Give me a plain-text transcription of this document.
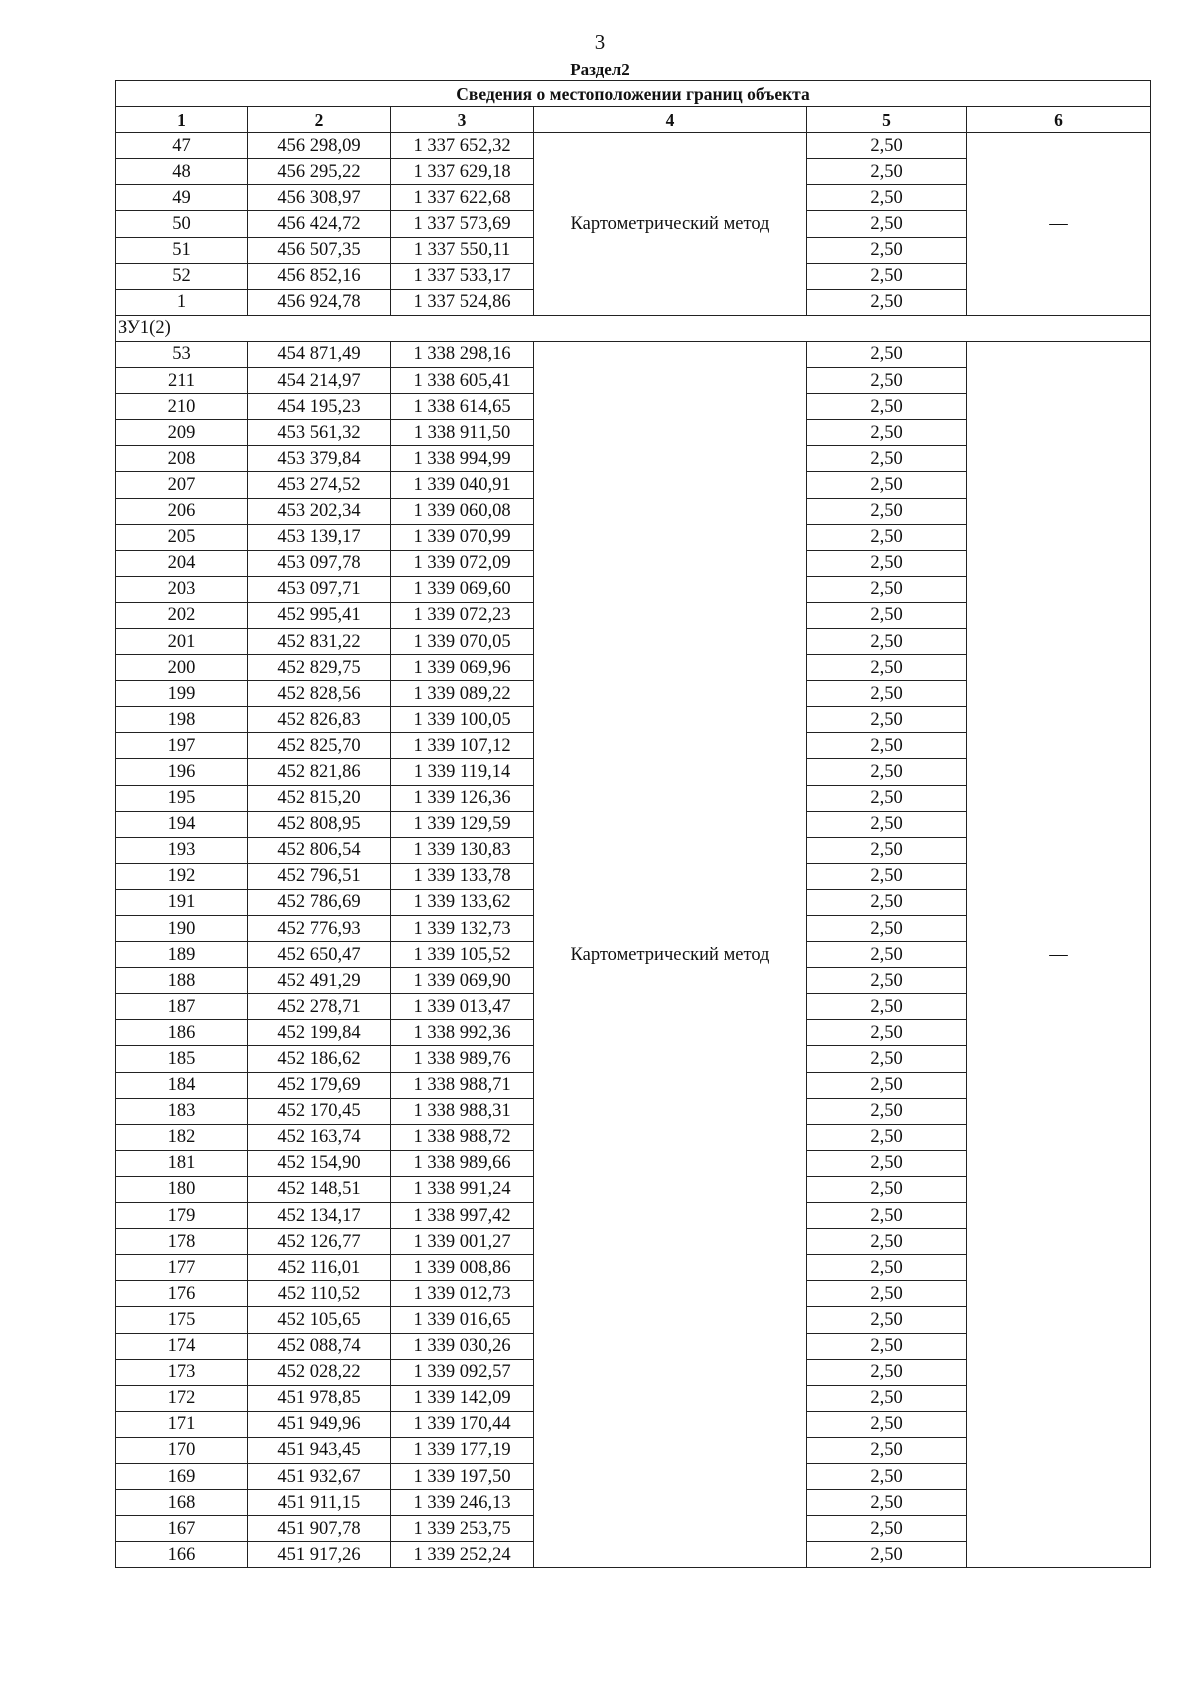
3
Раздел2
Сведения о местоположении границ объекта					
1	2	3	4	5	6
47	456 298,09	1 337 652,32	Картометрический метод	2,50	—
48	456 295,22	1 337 629,18		2,50	
49	456 308,97	1 337 622,68		2,50	
50	456 424,72	1 337 573,69		2,50	
51	456 507,35	1 337 550,11		2,50	
52	456 852,16	1 337 533,17		2,50	
1	456 924,78	1 337 524,86		2,50	
ЗУ1(2)					
53	454 871,49	1 338 298,16	Картометрический метод	2,50	—
211	454 214,97	1 338 605,41		2,50	
210	454 195,23	1 338 614,65		2,50	
209	453 561,32	1 338 911,50		2,50	
208	453 379,84	1 338 994,99		2,50	
207	453 274,52	1 339 040,91		2,50	
206	453 202,34	1 339 060,08		2,50	
205	453 139,17	1 339 070,99		2,50	
204	453 097,78	1 339 072,09		2,50	
203	453 097,71	1 339 069,60		2,50	
202	452 995,41	1 339 072,23		2,50	
201	452 831,22	1 339 070,05		2,50	
200	452 829,75	1 339 069,96		2,50	
199	452 828,56	1 339 089,22		2,50	
198	452 826,83	1 339 100,05		2,50	
197	452 825,70	1 339 107,12		2,50	
196	452 821,86	1 339 119,14		2,50	
195	452 815,20	1 339 126,36		2,50	
194	452 808,95	1 339 129,59		2,50	
193	452 806,54	1 339 130,83		2,50	
192	452 796,51	1 339 133,78		2,50	
191	452 786,69	1 339 133,62		2,50	
190	452 776,93	1 339 132,73		2,50	
189	452 650,47	1 339 105,52		2,50	
188	452 491,29	1 339 069,90		2,50	
187	452 278,71	1 339 013,47		2,50	
186	452 199,84	1 338 992,36		2,50	
185	452 186,62	1 338 989,76		2,50	
184	452 179,69	1 338 988,71		2,50	
183	452 170,45	1 338 988,31		2,50	
182	452 163,74	1 338 988,72		2,50	
181	452 154,90	1 338 989,66		2,50	
180	452 148,51	1 338 991,24		2,50	
179	452 134,17	1 338 997,42		2,50	
178	452 126,77	1 339 001,27		2,50	
177	452 116,01	1 339 008,86		2,50	
176	452 110,52	1 339 012,73		2,50	
175	452 105,65	1 339 016,65		2,50	
174	452 088,74	1 339 030,26		2,50	
173	452 028,22	1 339 092,57		2,50	
172	451 978,85	1 339 142,09		2,50	
171	451 949,96	1 339 170,44		2,50	
170	451 943,45	1 339 177,19		2,50	
169	451 932,67	1 339 197,50		2,50	
168	451 911,15	1 339 246,13		2,50	
167	451 907,78	1 339 253,75		2,50	
166	451 917,26	1 339 252,24		2,50	
